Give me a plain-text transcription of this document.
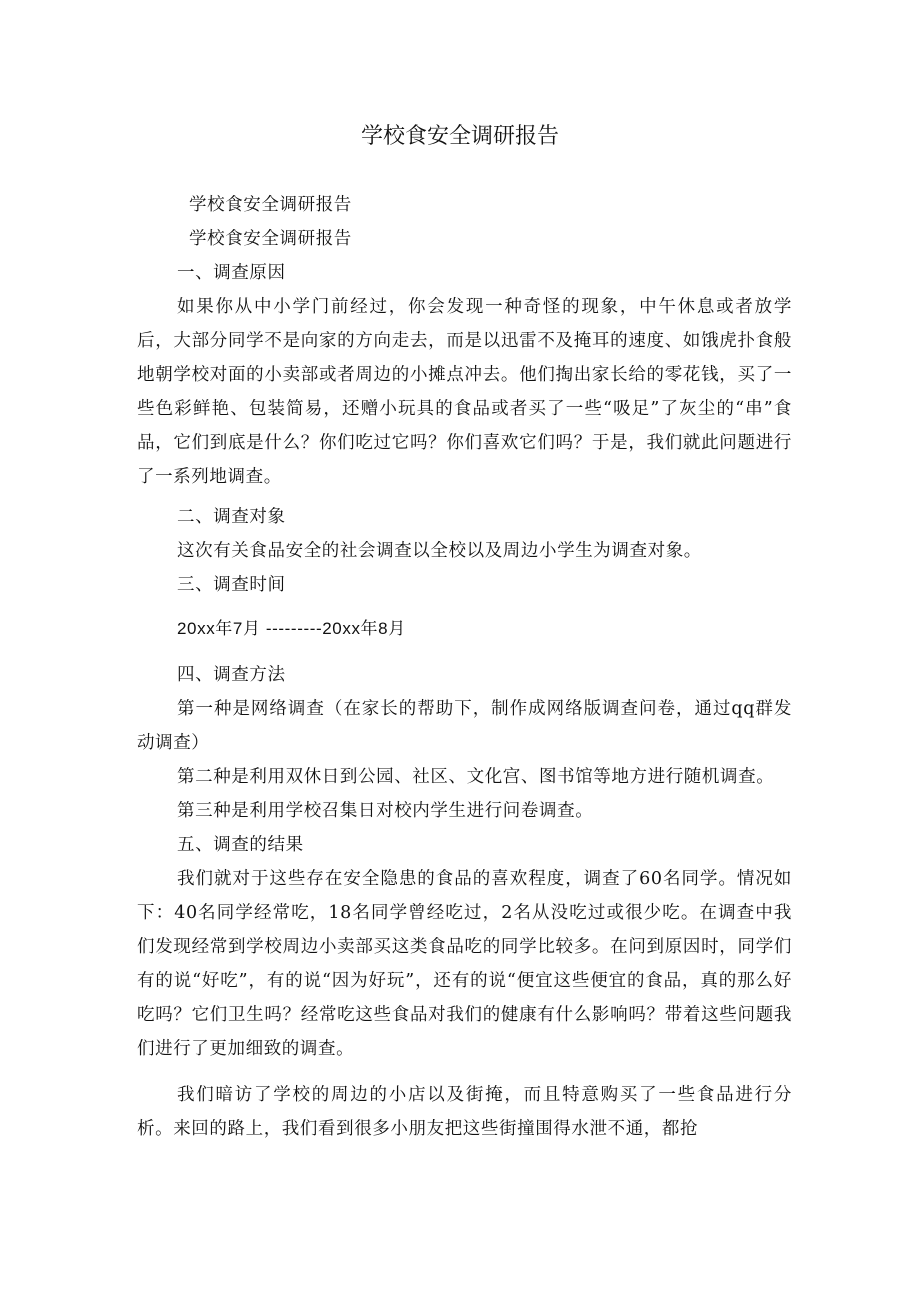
学校食安全调研报告

学校食安全调研报告

学校食安全调研报告

一、调查原因

如果你从中小学门前经过，你会发现一种奇怪的现象，中午休息或者放学后，大部分同学不是向家的方向走去，而是以迅雷不及掩耳的速度、如饿虎扑食般地朝学校对面的小卖部或者周边的小摊点冲去。他们掏出家长给的零花钱，买了一些色彩鲜艳、包装简易，还赠小玩具的食品或者买了一些“吸足”了灰尘的“串”食品，它们到底是什么？你们吃过它吗？你们喜欢它们吗？于是，我们就此问题进行了一系列地调查。

二、调查对象

这次有关食品安全的社会调查以全校以及周边小学生为调查对象。

三、调查时间

20xx年7月 ---------20xx年8月

四、调查方法

第一种是网络调查（在家长的帮助下，制作成网络版调查问卷，通过qq群发动调查）

第二种是利用双休日到公园、社区、文化宫、图书馆等地方进行随机调查。

第三种是利用学校召集日对校内学生进行问卷调查。

五、调查的结果

我们就对于这些存在安全隐患的食品的喜欢程度，调查了60名同学。情况如下：40名同学经常吃，18名同学曾经吃过，2名从没吃过或很少吃。在调查中我们发现经常到学校周边小卖部买这类食品吃的同学比较多。在问到原因时，同学们有的说“好吃”，有的说“因为好玩”，还有的说“便宜这些便宜的食品，真的那么好吃吗？它们卫生吗？经常吃这些食品对我们的健康有什么影响吗？带着这些问题我们进行了更加细致的调查。

我们暗访了学校的周边的小店以及街掩，而且特意购买了一些食品进行分析。来回的路上，我们看到很多小朋友把这些街撞围得水泄不通，都抢
